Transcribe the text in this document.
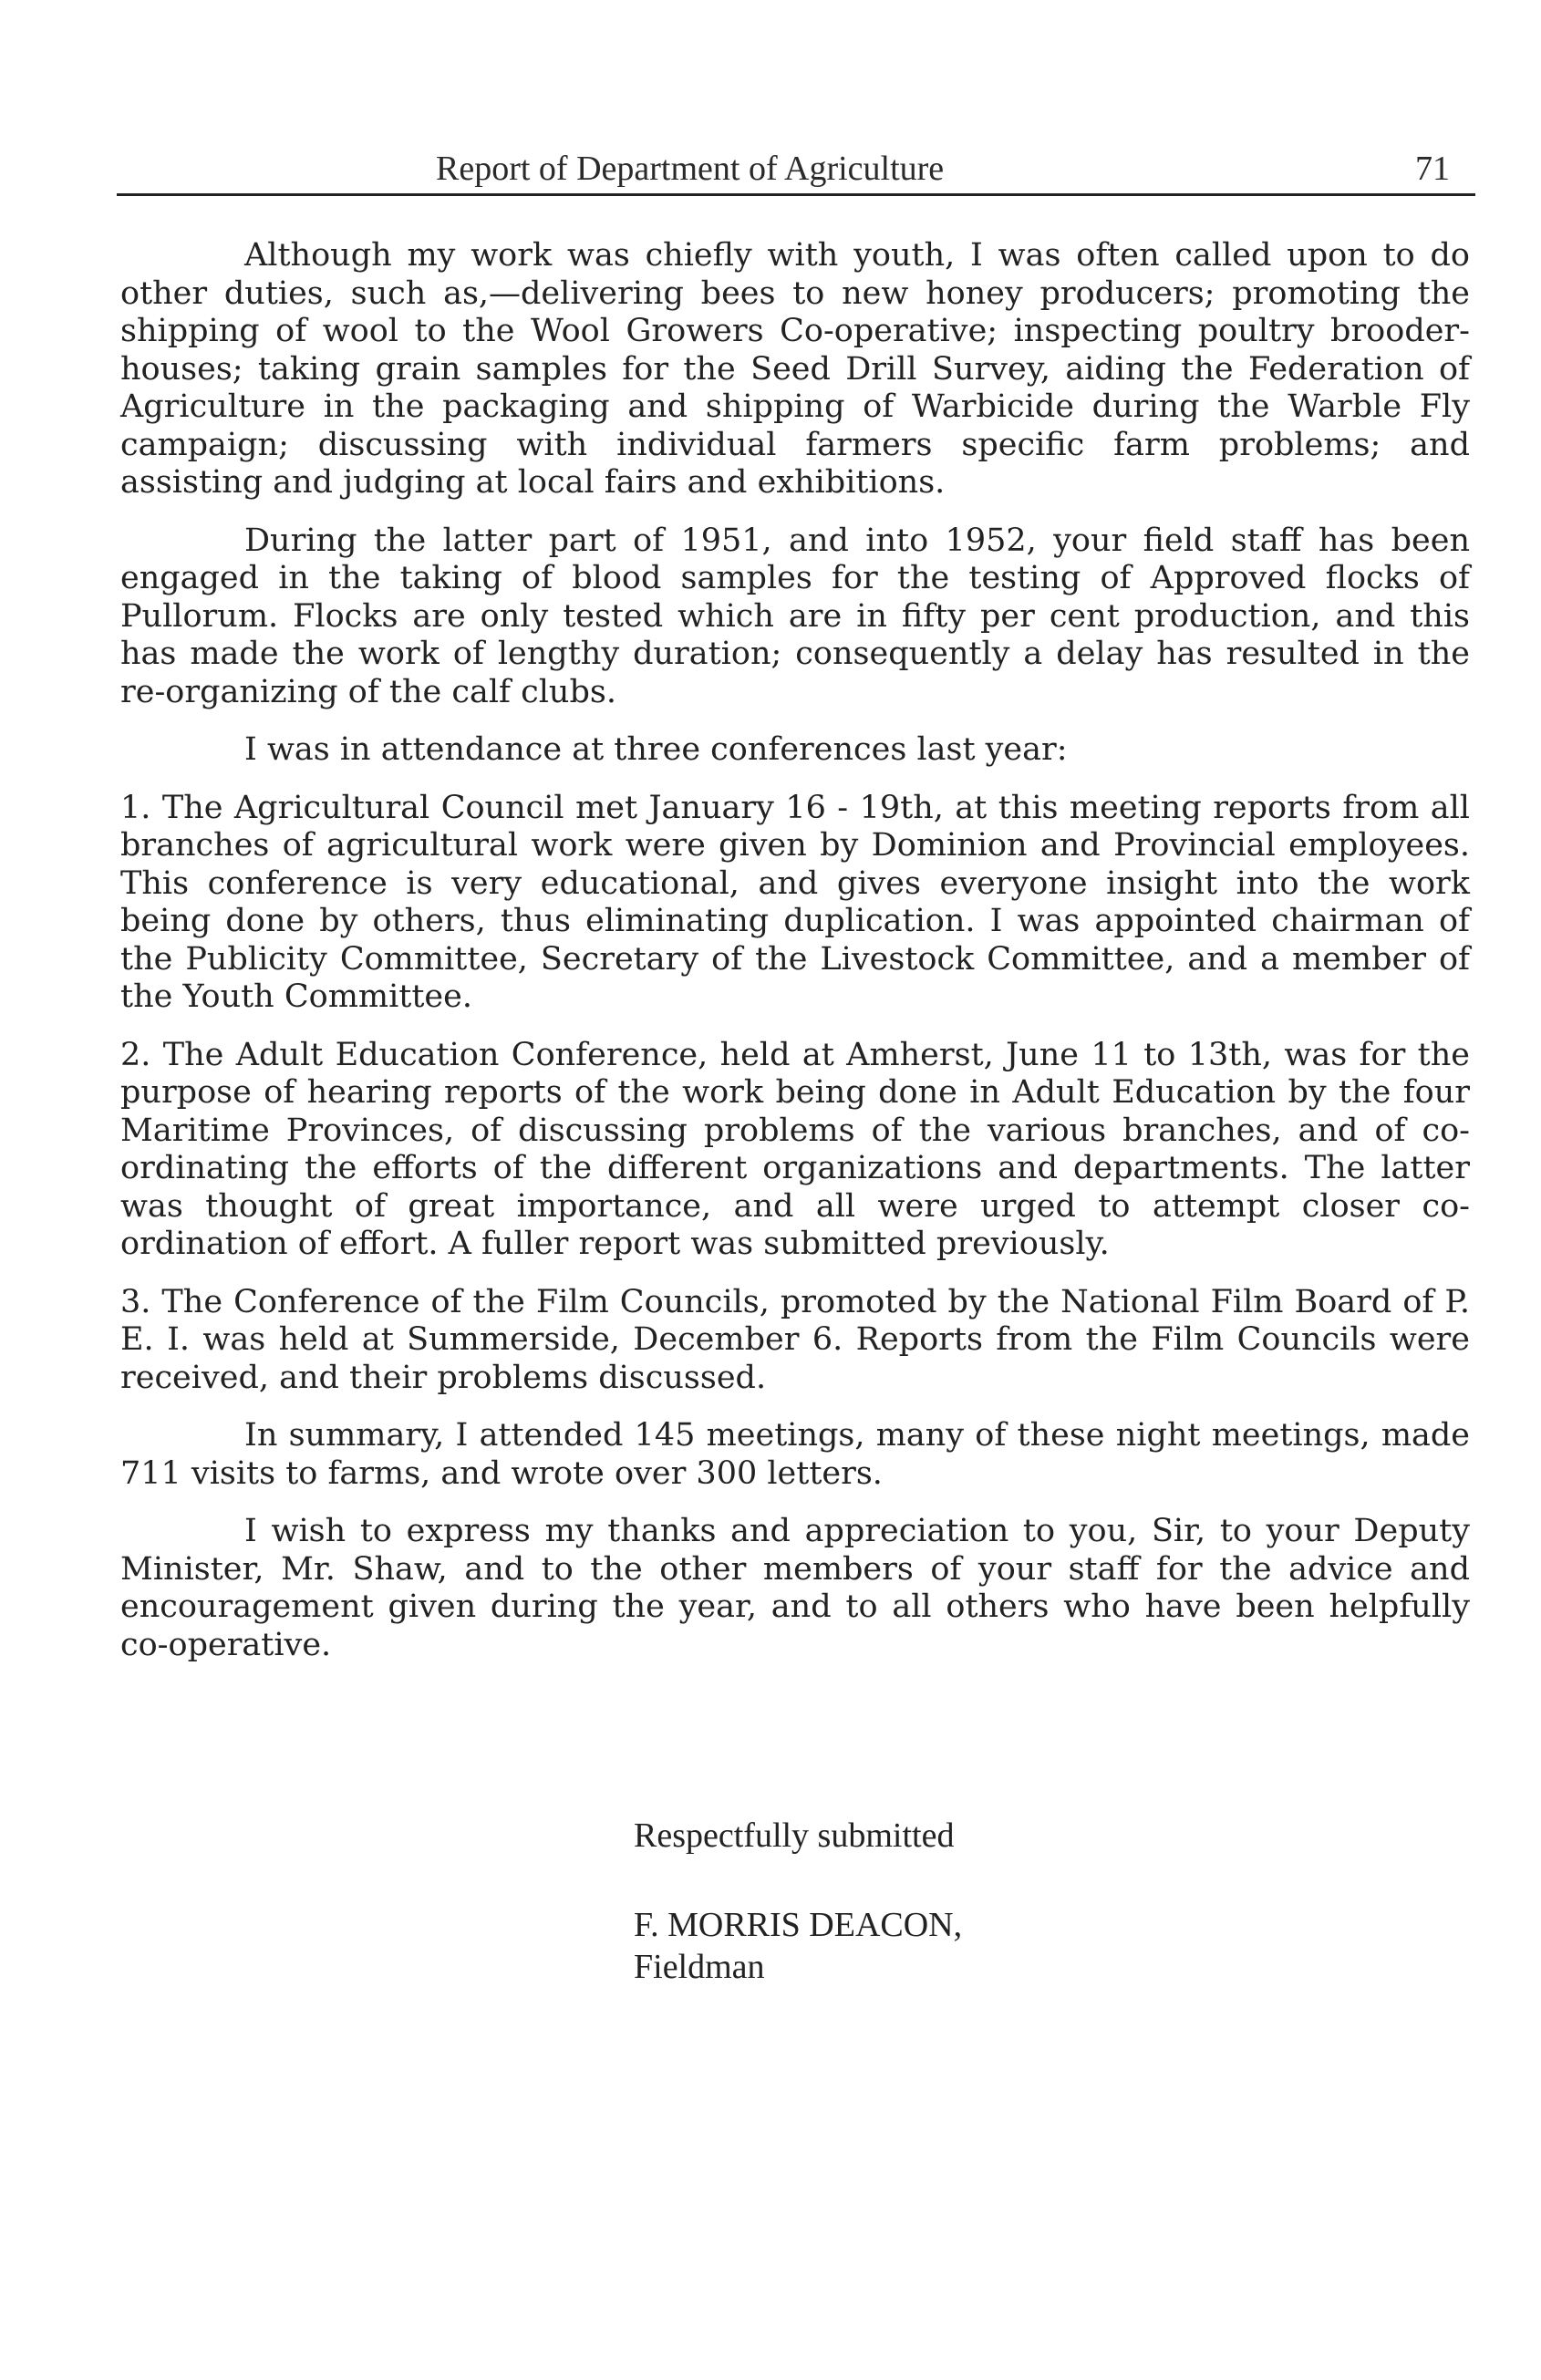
Report of Department of Agriculture	71

Although my work was chiefly with youth, I was often called upon to do other duties, such as,—delivering bees to new honey producers; promoting the shipping of wool to the Wool Growers Co-operative; inspecting poultry brooder-houses; taking grain samples for the Seed Drill Survey, aiding the Federation of Agriculture in the packaging and shipping of Warbicide during the Warble Fly campaign; discussing with individual farmers specific farm problems; and assisting and judging at local fairs and exhibitions.

During the latter part of 1951, and into 1952, your field staff has been engaged in the taking of blood samples for the testing of Approved flocks of Pullorum. Flocks are only tested which are in fifty per cent production, and this has made the work of lengthy duration; consequently a delay has resulted in the re-organizing of the calf clubs.

I was in attendance at three conferences last year:

1. The Agricultural Council met January 16 - 19th, at this meeting reports from all branches of agricultural work were given by Dominion and Provincial employees. This conference is very educational, and gives everyone insight into the work being done by others, thus eliminating duplication. I was appointed chairman of the Publicity Committee, Secretary of the Livestock Committee, and a member of the Youth Committee.

2. The Adult Education Conference, held at Amherst, June 11 to 13th, was for the purpose of hearing reports of the work being done in Adult Education by the four Maritime Provinces, of discussing problems of the various branches, and of co-ordinating the efforts of the different organizations and departments. The latter was thought of great importance, and all were urged to attempt closer co-ordination of effort. A fuller report was submitted previously.

3. The Conference of the Film Councils, promoted by the National Film Board of P. E. I. was held at Summerside, December 6. Reports from the Film Councils were received, and their problems discussed.

In summary, I attended 145 meetings, many of these night meetings, made 711 visits to farms, and wrote over 300 letters.

I wish to express my thanks and appreciation to you, Sir, to your Deputy Minister, Mr. Shaw, and to the other members of your staff for the advice and encouragement given during the year, and to all others who have been helpfully co-operative.

Respectfully submitted
F. MORRIS DEACON,
Fieldman
